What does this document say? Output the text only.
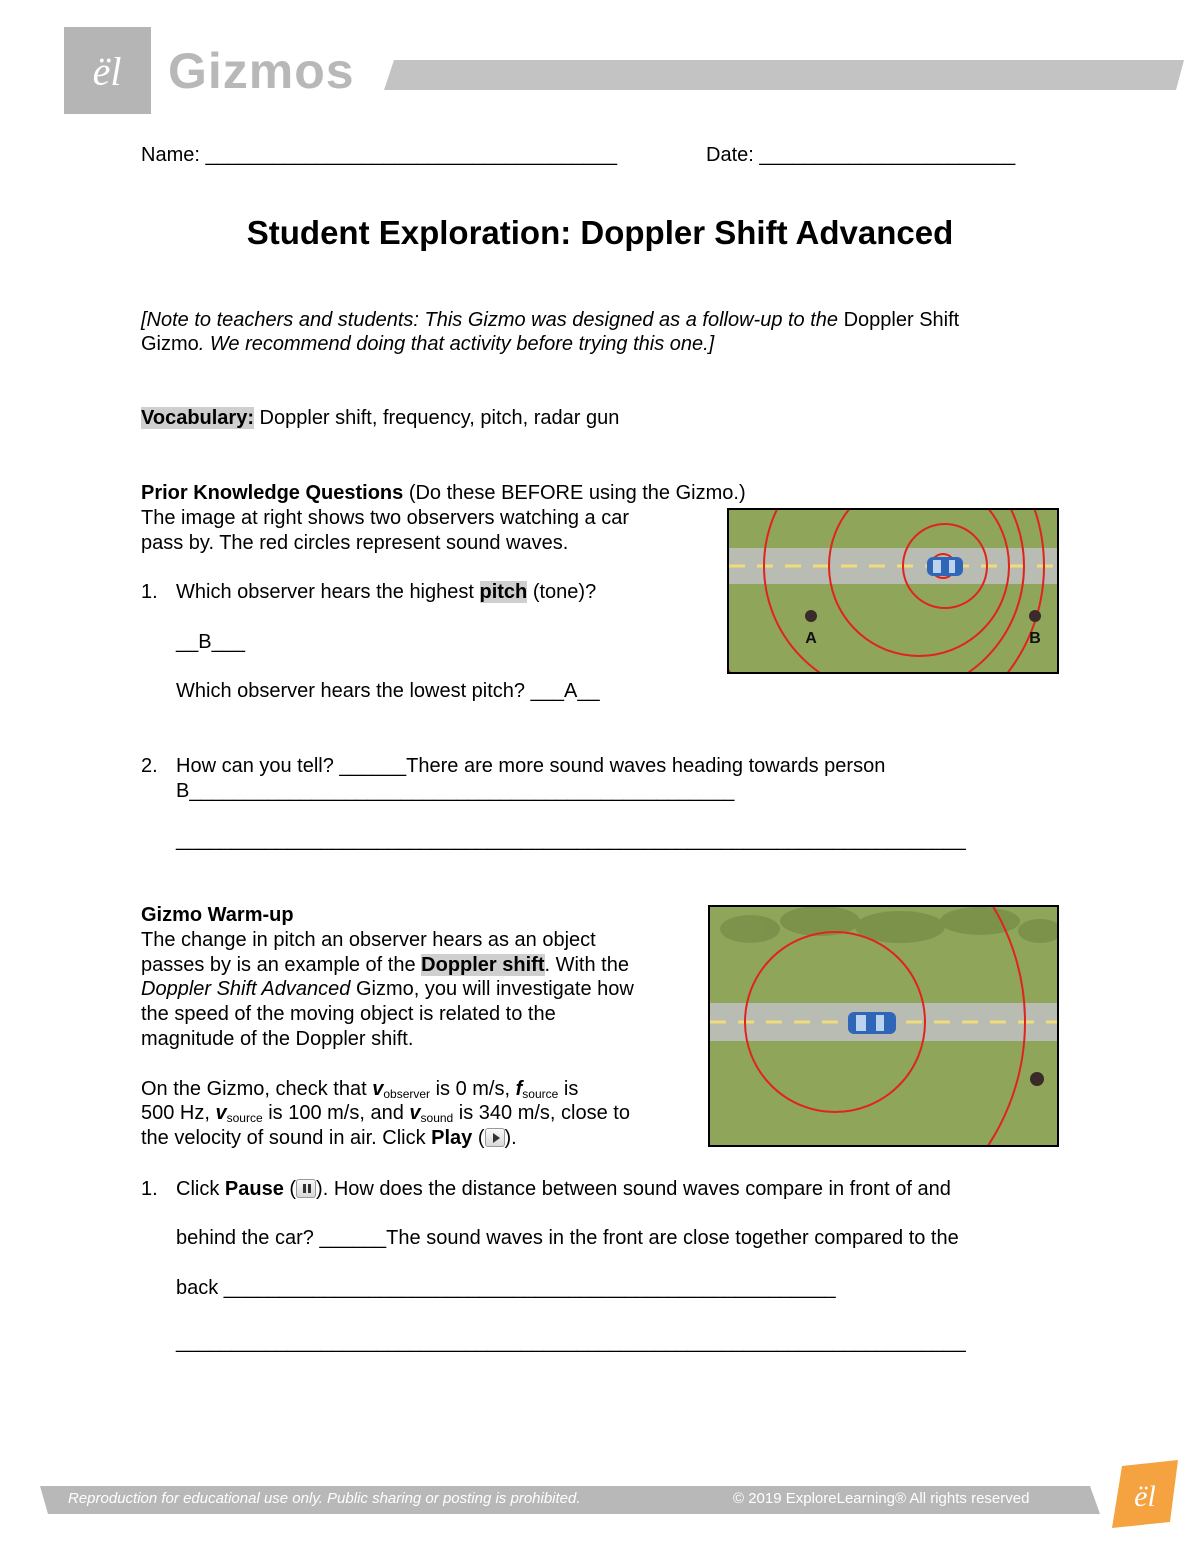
ël Gizmos
Name: _____________________________________	Date: _______________________
Student Exploration: Doppler Shift Advanced
[Note to teachers and students: This Gizmo was designed as a follow-up to the Doppler Shift
Gizmo. We recommend doing that activity before trying this one.]
Vocabulary: Doppler shift, frequency, pitch, radar gun
Prior Knowledge Questions (Do these BEFORE using the Gizmo.)
The image at right shows two observers watching a car
pass by. The red circles represent sound waves.
1. Which observer hears the highest pitch (tone)?
__B___
Which observer hears the lowest pitch? ___A__
2. How can you tell? ______There are more sound waves heading towards person
B_________________________________________________
_______________________________________________________________________
A	B
Gizmo Warm-up
The change in pitch an observer hears as an object
passes by is an example of the Doppler shift. With the
Doppler Shift Advanced Gizmo, you will investigate how
the speed of the moving object is related to the
magnitude of the Doppler shift.
On the Gizmo, check that $v_{observer}$ is 0 m/s, $f_{source}$ is
500 Hz, $v_{source}$ is 100 m/s, and $v_{sound}$ is 340 m/s, close to
the velocity of sound in air. Click Play ( ).
1. Click Pause ( ). How does the distance between sound waves compare in front of and
behind the car? ______The sound waves in the front are close together compared to the
back _______________________________________________________
_______________________________________________________________________
Reproduction for educational use only. Public sharing or posting is prohibited.	© 2019 ExploreLearning® All rights reserved	ël
